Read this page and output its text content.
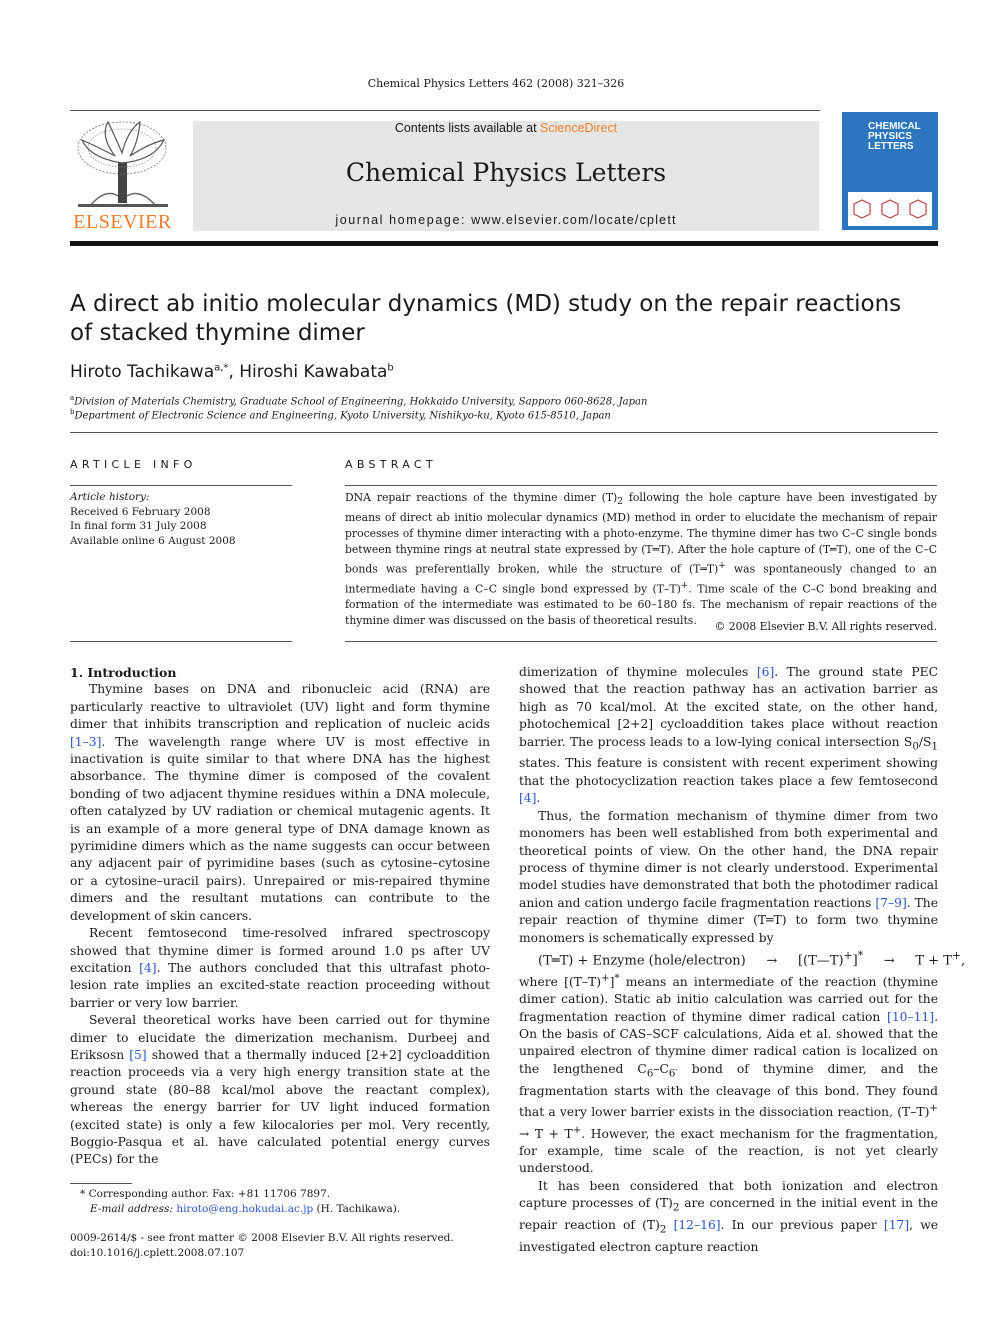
Chemical Physics Letters 462 (2008) 321–326
ELSEVIER
Contents lists available at ScienceDirect
Chemical Physics Letters
journal homepage: www.elsevier.com/locate/cplett
CHEMICAL
PHYSICS
LETTERS
A direct ab initio molecular dynamics (MD) study on the repair reactions
of stacked thymine dimer
Hiroto Tachikawa$^{a,*}$, Hiroshi Kawabata$^b$
$^a$Division of Materials Chemistry, Graduate School of Engineering, Hokkaido University, Sapporo 060-8628, Japan
$^b$Department of Electronic Science and Engineering, Kyoto University, Nishikyo-ku, Kyoto 615-8510, Japan
ARTICLE INFO
Article history:
Received 6 February 2008
In final form 31 July 2008
Available online 6 August 2008
ABSTRACT
DNA repair reactions of the thymine dimer $(T)_2$ following the hole capture have been investigated by means of direct ab initio molecular dynamics (MD) method in order to elucidate the mechanism of repair processes of thymine dimer interacting with a photo-enzyme. The thymine dimer has two C–C single bonds between thymine rings at neutral state expressed by (T═T). After the hole capture of (T═T), one of the C–C bonds was preferentially broken, while the structure of (T═T)+ was spontaneously changed to an intermediate having a C–C single bond expressed by (T–T)+. Time scale of the C–C bond breaking and formation of the intermediate was estimated to be 60–180 fs. The mechanism of repair reactions of the thymine dimer was discussed on the basis of theoretical results.	© 2008 Elsevier B.V. All rights reserved.

1. Introduction

Thymine bases on DNA and ribonucleic acid (RNA) are particularly reactive to ultraviolet (UV) light and form thymine dimer that inhibits transcription and replication of nucleic acids [1–3]. The wavelength range where UV is most effective in inactivation is quite similar to that where DNA has the highest absorbance. The thymine dimer is composed of the covalent bonding of two adjacent thymine residues within a DNA molecule, often catalyzed by UV radiation or chemical mutagenic agents. It is an example of a more general type of DNA damage known as pyrimidine dimers which as the name suggests can occur between any adjacent pair of pyrimidine bases (such as cytosine–cytosine or a cytosine–uracil pairs). Unrepaired or mis-repaired thymine dimers and the resultant mutations can contribute to the development of skin cancers.

Recent femtosecond time-resolved infrared spectroscopy showed that thymine dimer is formed around 1.0 ps after UV excitation [4]. The authors concluded that this ultrafast photo-lesion rate implies an excited-state reaction proceeding without barrier or very low barrier.

Several theoretical works have been carried out for thymine dimer to elucidate the dimerization mechanism. Durbeej and Eriksosn [5] showed that a thermally induced [2+2] cycloaddition reaction proceeds via a very high energy transition state at the ground state (80–88 kcal/mol above the reactant complex), whereas the energy barrier for UV light induced formation (excited state) is only a few kilocalories per mol. Very recently, Boggio-Pasqua et al. have calculated potential energy curves (PECs) for the

dimerization of thymine molecules [6]. The ground state PEC showed that the reaction pathway has an activation barrier as high as 70 kcal/mol. At the excited state, on the other hand, photochemical [2+2] cycloaddition takes place without reaction barrier. The process leads to a low-lying conical intersection $S_0/S_1$ states. This feature is consistent with recent experiment showing that the photocyclization reaction takes place a few femtosecond [4].

Thus, the formation mechanism of thymine dimer from two monomers has been well established from both experimental and theoretical points of view. On the other hand, the DNA repair process of thymine dimer is not clearly understood. Experimental model studies have demonstrated that both the photodimer radical anion and cation undergo facile fragmentation reactions [7–9]. The repair reaction of thymine dimer (T═T) to form two thymine monomers is schematically expressed by

(T═T) + Enzyme (hole/electron) → [(T—T)+]* → T + T+,

where [(T–T)+]* means an intermediate of the reaction (thymine dimer cation). Static ab initio calculation was carried out for the fragmentation reaction of thymine dimer radical cation [10–11]. On the basis of CAS–SCF calculations, Aida et al. showed that the unpaired electron of thymine dimer radical cation is localized on the lengthened $C_6-C_{6'}$ bond of thymine dimer, and the fragmentation starts with the cleavage of this bond. They found that a very lower barrier exists in the dissociation reaction, (T–T)+ → T + T+. However, the exact mechanism for the fragmentation, for example, time scale of the reaction, is not yet clearly understood.

It has been considered that both ionization and electron capture processes of $(T)_2$ are concerned in the initial event in the repair reaction of $(T)_2$ [12–16]. In our previous paper [17], we investigated electron capture reaction

* Corresponding author. Fax: +81 11706 7897.
E-mail address: hiroto@eng.hokudai.ac.jp (H. Tachikawa).
0009-2614/$ - see front matter © 2008 Elsevier B.V. All rights reserved.
doi:10.1016/j.cplett.2008.07.107
